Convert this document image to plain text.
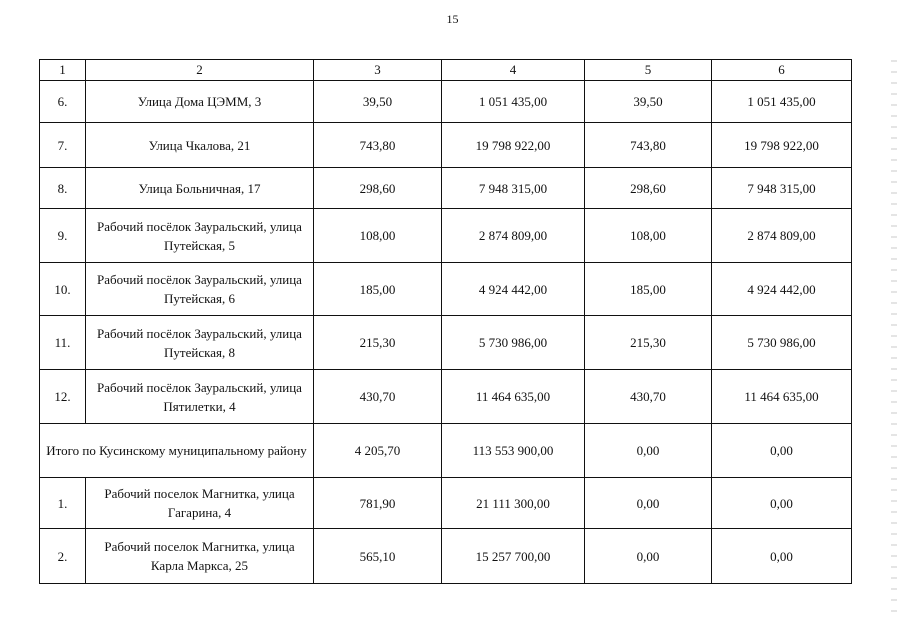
15
1	2	3	4	5	6
6.	Улица Дома ЦЭММ, 3	39,50	1 051 435,00	39,50	1 051 435,00
7.	Улица Чкалова, 21	743,80	19 798 922,00	743,80	19 798 922,00
8.	Улица Больничная, 17	298,60	7 948 315,00	298,60	7 948 315,00
9.	Рабочий посёлок Зауральский, улица Путейская, 5	108,00	2 874 809,00	108,00	2 874 809,00
10.	Рабочий посёлок Зауральский, улица Путейская, 6	185,00	4 924 442,00	185,00	4 924 442,00
11.	Рабочий посёлок Зауральский, улица Путейская, 8	215,30	5 730 986,00	215,30	5 730 986,00
12.	Рабочий посёлок Зауральский, улица Пятилетки, 4	430,70	11 464 635,00	430,70	11 464 635,00
Итого по Кусинскому муниципальному району		4 205,70	113 553 900,00	0,00	0,00
1.	Рабочий поселок Магнитка, улица Гагарина, 4	781,90	21 111 300,00	0,00	0,00
2.	Рабочий поселок Магнитка, улица Карла Маркса, 25	565,10	15 257 700,00	0,00	0,00
